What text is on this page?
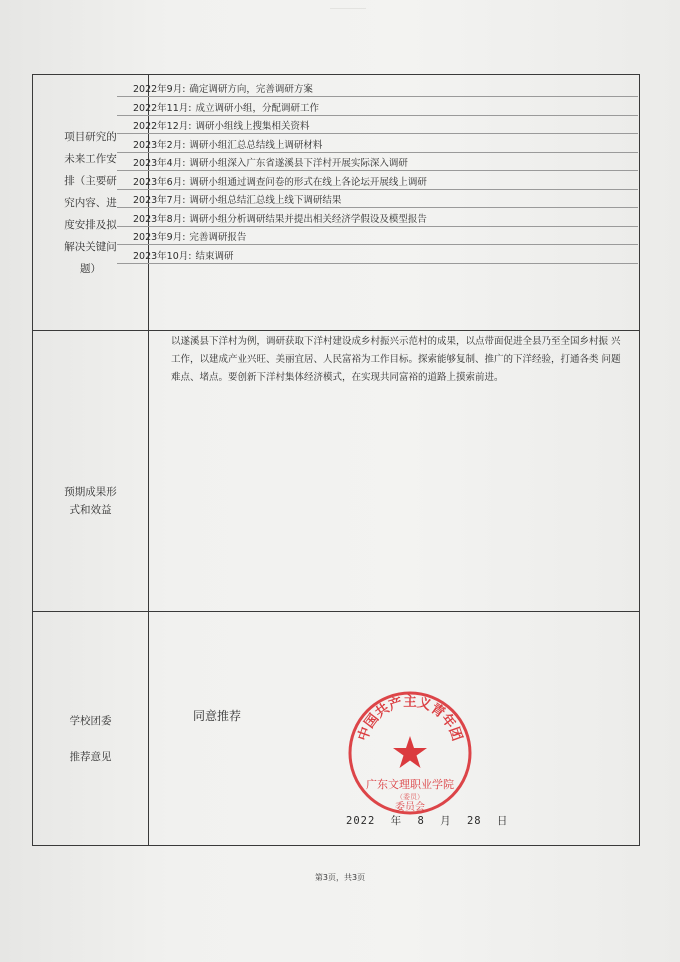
项目研究的
未来工作安
排（主要研
究内容、进
度安排及拟
解决关键问
题）
2022年9月: 确定调研方向，完善调研方案
2022年11月: 成立调研小组，分配调研工作
2022年12月: 调研小组线上搜集相关资料
2023年2月: 调研小组汇总总结线上调研材料
2023年4月: 调研小组深入广东省遂溪县下洋村开展实际深入调研
2023年6月: 调研小组通过调查问卷的形式在线上各论坛开展线上调研
2023年7月: 调研小组总结汇总线上线下调研结果
2023年8月: 调研小组分析调研结果并提出相关经济学假设及模型报告
2023年9月: 完善调研报告
2023年10月: 结束调研
预期成果形
式和效益
以遂溪县下洋村为例，调研获取下洋村建设成乡村振兴示范村的成果，以点带面促进全县乃至全国乡村振 兴工作，以建成产业兴旺、美丽宜居、人民富裕为工作目标。探索能够复制、推广的下洋经验，打通各类 问题难点、堵点。要创新下洋村集体经济模式，在实现共同富裕的道路上摸索前进。
学校团委
推荐意见
同意推荐
2022 年 8 月 28 日
中国共产主义青年团
广东文理职业学院
（委员）
委员会
第3页，共3页
